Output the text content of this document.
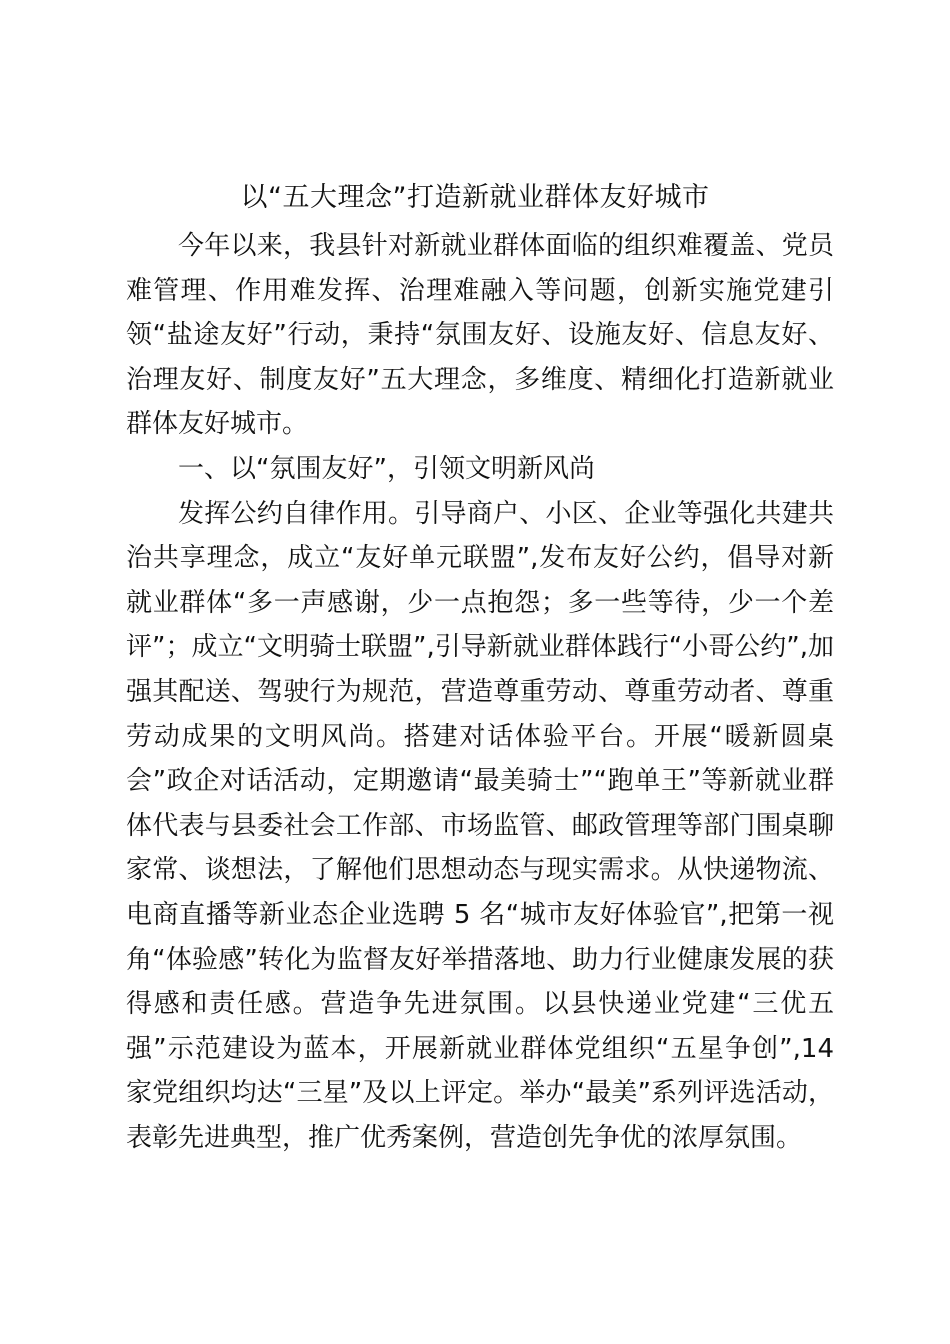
以“五大理念”打造新就业群体友好城市

今年以来，我县针对新就业群体面临的组织难覆盖、党员难管理、作用难发挥、治理难融入等问题，创新实施党建引领“盐途友好”行动，秉持“氛围友好、设施友好、信息友好、治理友好、制度友好”五大理念，多维度、精细化打造新就业群体友好城市。

一、以“氛围友好”，引领文明新风尚

发挥公约自律作用。引导商户、小区、企业等强化共建共治共享理念，成立“友好单元联盟”,发布友好公约，倡导对新就业群体“多一声感谢，少一点抱怨；多一些等待，少一个差评”；成立“文明骑士联盟”,引导新就业群体践行“小哥公约”,加强其配送、驾驶行为规范，营造尊重劳动、尊重劳动者、尊重劳动成果的文明风尚。搭建对话体验平台。开展“暖新圆桌会”政企对话活动，定期邀请“最美骑士”“跑单王”等新就业群体代表与县委社会工作部、市场监管、邮政管理等部门围桌聊家常、谈想法，了解他们思想动态与现实需求。从快递物流、电商直播等新业态企业选聘 5 名“城市友好体验官”,把第一视角“体验感”转化为监督友好举措落地、助力行业健康发展的获得感和责任感。营造争先进氛围。以县快递业党建“三优五强”示范建设为蓝本，开展新就业群体党组织“五星争创”,14 家党组织均达“三星”及以上评定。举办“最美”系列评选活动，表彰先进典型，推广优秀案例，营造创先争优的浓厚氛围。
